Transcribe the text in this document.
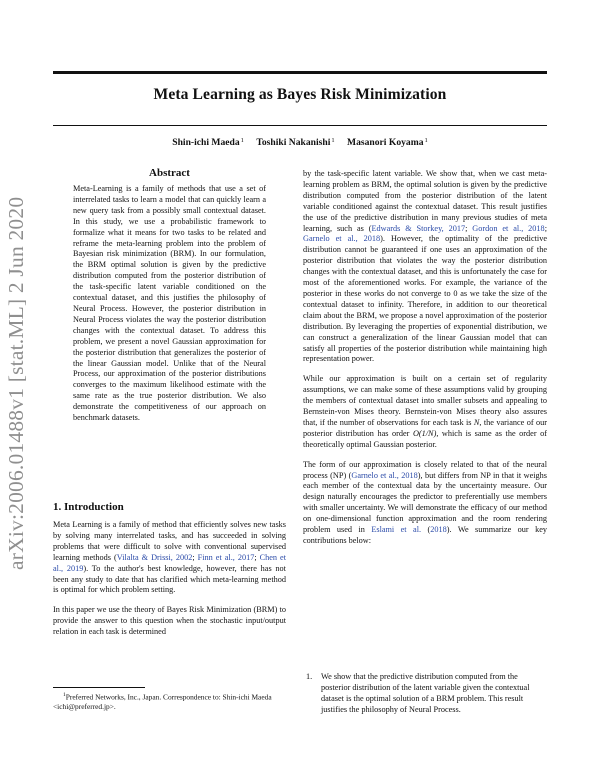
Meta Learning as Bayes Risk Minimization
Shin-ichi Maeda$^1$ Toshiki Nakanishi$^1$ Masanori Koyama$^1$
arXiv:2006.01488v1 [stat.ML] 2 Jun 2020
Abstract
Meta-Learning is a family of methods that use a set of interrelated tasks to learn a model that can quickly learn a new query task from a possibly small contextual dataset. In this study, we use a probabilistic framework to formalize what it means for two tasks to be related and reframe the meta-learning problem into the problem of Bayesian risk minimization (BRM). In our formulation, the BRM optimal solution is given by the predictive distribution computed from the posterior distribution of the task-specific latent variable conditioned on the contextual dataset, and this justifies the philosophy of Neural Process. However, the posterior distribution in Neural Process violates the way the posterior distribution changes with the contextual dataset. To address this problem, we present a novel Gaussian approximation for the posterior distribution that generalizes the posterior of the linear Gaussian model. Unlike that of the Neural Process, our approximation of the posterior distributions converges to the maximum likelihood estimate with the same rate as the true posterior distribution. We also demonstrate the competitiveness of our approach on benchmark datasets.
1. Introduction

Meta Learning is a family of method that efficiently solves new tasks by solving many interrelated tasks, and has succeeded in solving problems that were difficult to solve with conventional supervised learning methods (Vilalta & Drissi, 2002; Finn et al., 2017; Chen et al., 2019). To the author's best knowledge, however, there has not been any study to date that has clarified which meta-learning method is optimal for which problem setting.

In this paper we use the theory of Bayes Risk Minimization (BRM) to provide the answer to this question when the stochastic input/output relation in each task is determined

$^1$Preferred Networks, Inc., Japan. Correspondence to: Shin-ichi Maeda <ichi@preferred.jp>.

by the task-specific latent variable. We show that, when we cast meta-learning problem as BRM, the optimal solution is given by the predictive distribution computed from the posterior distribution of the latent variable conditioned against the contextual dataset. This result justifies the use of the predictive distribution in many previous studies of meta learning, such as (Edwards & Storkey, 2017; Gordon et al., 2018; Garnelo et al., 2018). However, the optimality of the predictive distribution cannot be guaranteed if one uses an approximation of the posterior distribution that violates the way the posterior distribution changes with the contextual dataset, and this is unfortunately the case for most of the aforementioned works. For example, the variance of the posterior in these works do not converge to 0 as we take the size of the contextual dataset to infinity. Therefore, in addition to our theoretical claim about the BRM, we propose a novel approximation of the posterior distribution. By leveraging the properties of exponential distribution, we can construct a generalization of the linear Gaussian model that can satisfy all properties of the posterior distribution while maintaining high representation power.

While our approximation is built on a certain set of regularity assumptions, we can make some of these assumptions valid by grouping the members of contextual dataset into smaller subsets and appealing to Bernstein-von Mises theory. Bernstein-von Mises theory also assures that, if the number of observations for each task is N, the variance of our posterior distribution has order O(1/N), which is same as the order of theoretically optimal Gaussian posterior.

The form of our approximation is closely related to that of the neural process (NP) (Garnelo et al., 2018), but differs from NP in that it weighs each member of the contextual data by the uncertainty measure. Our design naturally encourages the predictor to preferentially use members with smaller uncertainty. We will demonstrate the efficacy of our method on one-dimensional function approximation and the room rendering problem used in Eslami et al. (2018). We summarize our key contributions below:

1.	We show that the predictive distribution computed from the posterior distribution of the latent variable given the contextual dataset is the optimal solution of a BRM problem. This result justifies the philosophy of Neural Process.
